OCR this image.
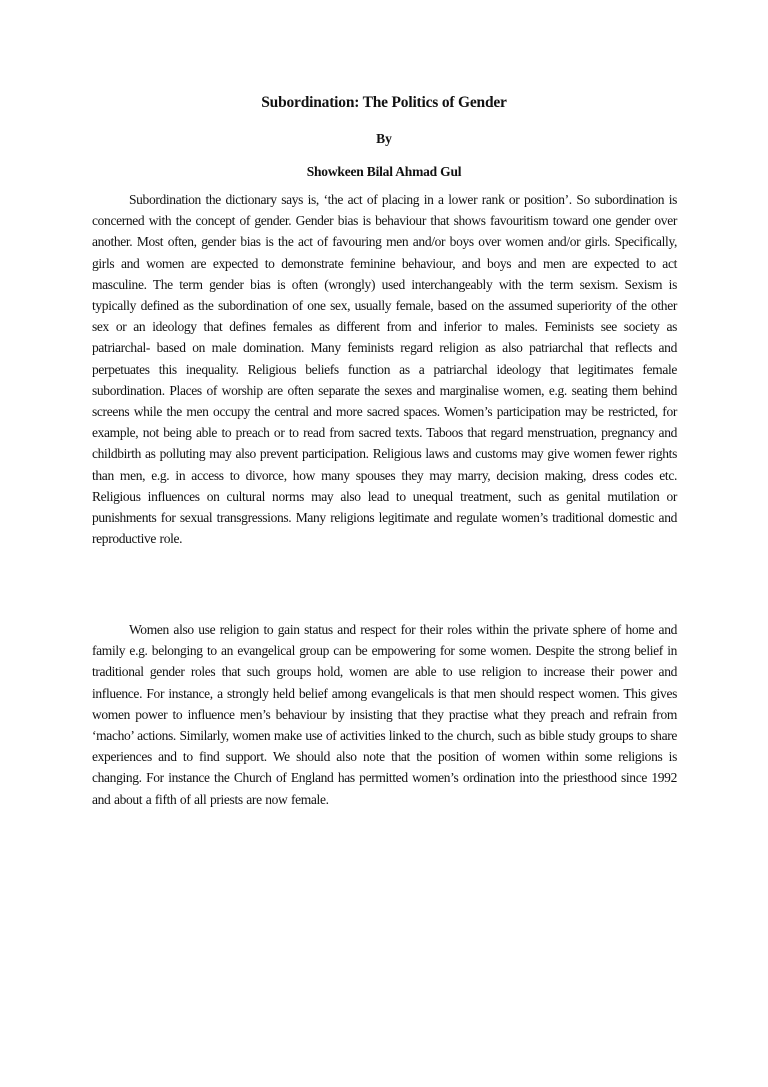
Subordination: The Politics of Gender
By
Showkeen Bilal Ahmad Gul

Subordination the dictionary says is, ‘the act of placing in a lower rank or position’. So subordination is concerned with the concept of gender. Gender bias is behaviour that shows favouritism toward one gender over another. Most often, gender bias is the act of favouring men and/or boys over women and/or girls. Specifically, girls and women are expected to demonstrate feminine behaviour, and boys and men are expected to act masculine. The term gender bias is often (wrongly) used interchangeably with the term sexism. Sexism is typically defined as the subordination of one sex, usually female, based on the assumed superiority of the other sex or an ideology that defines females as different from and inferior to males. Feminists see society as patriarchal- based on male domination. Many feminists regard religion as also patriarchal that reflects and perpetuates this inequality. Religious beliefs function as a patriarchal ideology that legitimates female subordination. Places of worship are often separate the sexes and marginalise women, e.g. seating them behind screens while the men occupy the central and more sacred spaces. Women’s participation may be restricted, for example, not being able to preach or to read from sacred texts. Taboos that regard menstruation, pregnancy and childbirth as polluting may also prevent participation. Religious laws and customs may give women fewer rights than men, e.g. in access to divorce, how many spouses they may marry, decision making, dress codes etc. Religious influences on cultural norms may also lead to unequal treatment, such as genital mutilation or punishments for sexual transgressions. Many religions legitimate and regulate women’s traditional domestic and reproductive role.

Women also use religion to gain status and respect for their roles within the private sphere of home and family e.g. belonging to an evangelical group can be empowering for some women. Despite the strong belief in traditional gender roles that such groups hold, women are able to use religion to increase their power and influence. For instance, a strongly held belief among evangelicals is that men should respect women. This gives women power to influence men’s behaviour by insisting that they practise what they preach and refrain from ‘macho’ actions. Similarly, women make use of activities linked to the church, such as bible study groups to share experiences and to find support. We should also note that the position of women within some religions is changing. For instance the Church of England has permitted women’s ordination into the priesthood since 1992 and about a fifth of all priests are now female.
